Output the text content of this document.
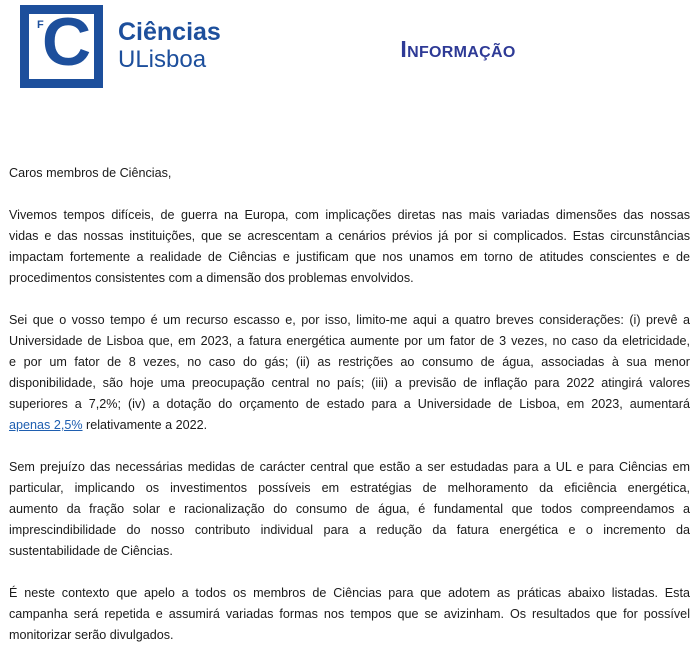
F
C Ciências
ULisboa	Informação
Caros membros de Ciências,
Vivemos tempos difíceis, de guerra na Europa, com implicações diretas nas mais variadas dimensões das nossas
vidas e das nossas instituições, que se acrescentam a cenários prévios já por si complicados. Estas circunstâncias
impactam fortemente a realidade de Ciências e justificam que nos unamos em torno de atitudes conscientes e de
procedimentos consistentes com a dimensão dos problemas envolvidos.
Sei que o vosso tempo é um recurso escasso e, por isso, limito-me aqui a quatro breves considerações: (i) prevê a
Universidade de Lisboa que, em 2023, a fatura energética aumente por um fator de 3 vezes, no caso da eletricidade,
e por um fator de 8 vezes, no caso do gás; (ii) as restrições ao consumo de água, associadas à sua menor
disponibilidade, são hoje uma preocupação central no país; (iii) a previsão de inflação para 2022 atingirá valores
superiores a 7,2%; (iv) a dotação do orçamento de estado para a Universidade de Lisboa, em 2023, aumentará
apenas 2,5% relativamente a 2022.
Sem prejuízo das necessárias medidas de carácter central que estão a ser estudadas para a UL e para Ciências em
particular, implicando os investimentos possíveis em estratégias de melhoramento da eficiência energética,
aumento da fração solar e racionalização do consumo de água, é fundamental que todos compreendamos a
imprescindibilidade do nosso contributo individual para a redução da fatura energética e o incremento da
sustentabilidade de Ciências.
É neste contexto que apelo a todos os membros de Ciências para que adotem as práticas abaixo listadas. Esta
campanha será repetida e assumirá variadas formas nos tempos que se avizinham. Os resultados que for possível
monitorizar serão divulgados.
